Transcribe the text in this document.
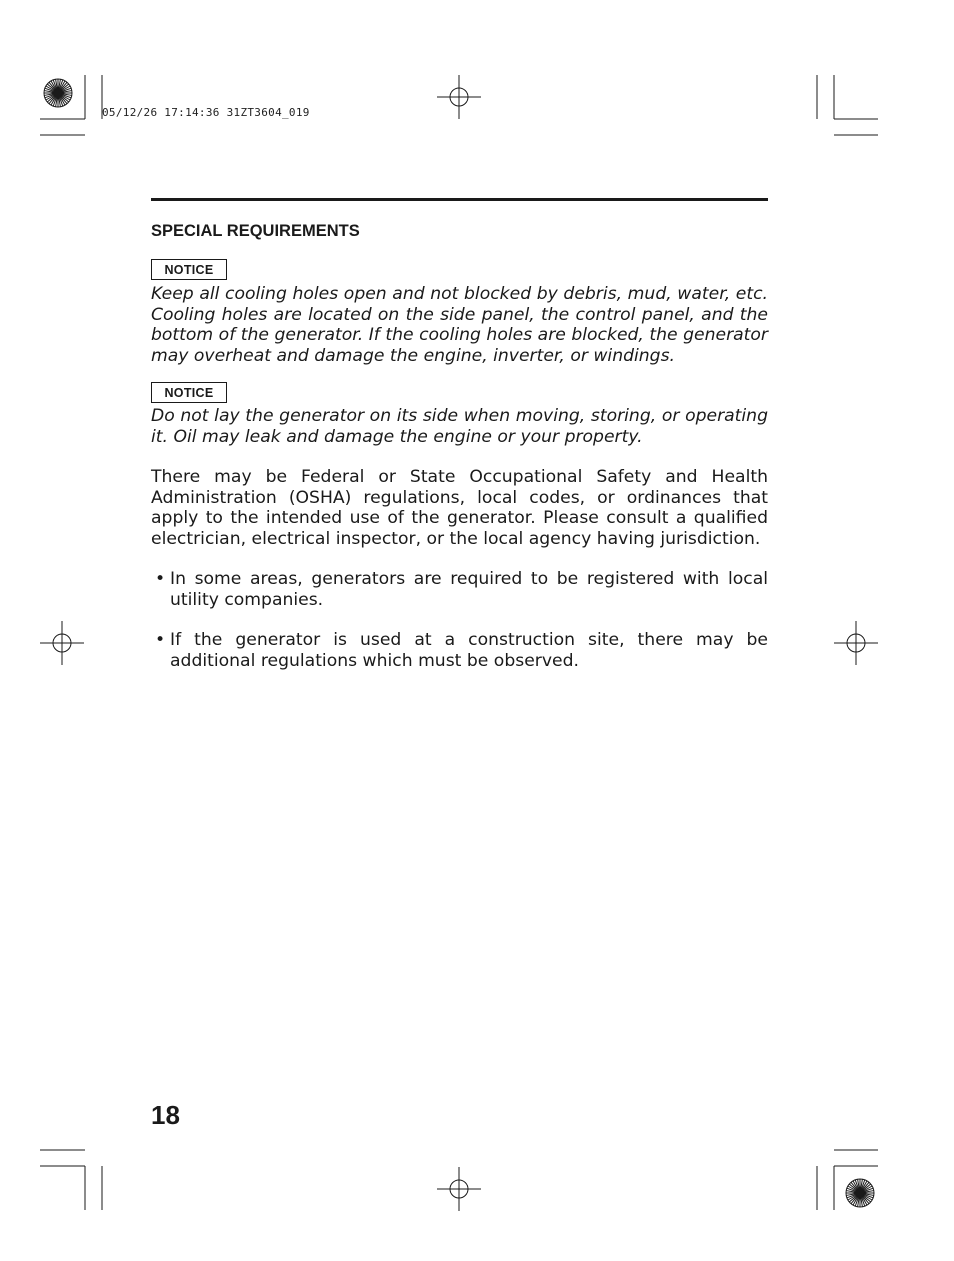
05/12/26 17:14:36 31ZT3604_019
SPECIAL REQUIREMENTS
NOTICE

Keep all cooling holes open and not blocked by debris, mud, water, etc. Cooling holes are located on the side panel, the control panel, and the bottom of the generator. If the cooling holes are blocked, the generator may overheat and damage the engine, inverter, or windings.

NOTICE

Do not lay the generator on its side when moving, storing, or operating it. Oil may leak and damage the engine or your property.

There may be Federal or State Occupational Safety and Health Administration (OSHA) regulations, local codes, or ordinances that apply to the intended use of the generator. Please consult a qualified electrician, electrical inspector, or the local agency having jurisdiction.

• In some areas, generators are required to be registered with local utility companies.
• If the generator is used at a construction site, there may be additional regulations which must be observed.
18
